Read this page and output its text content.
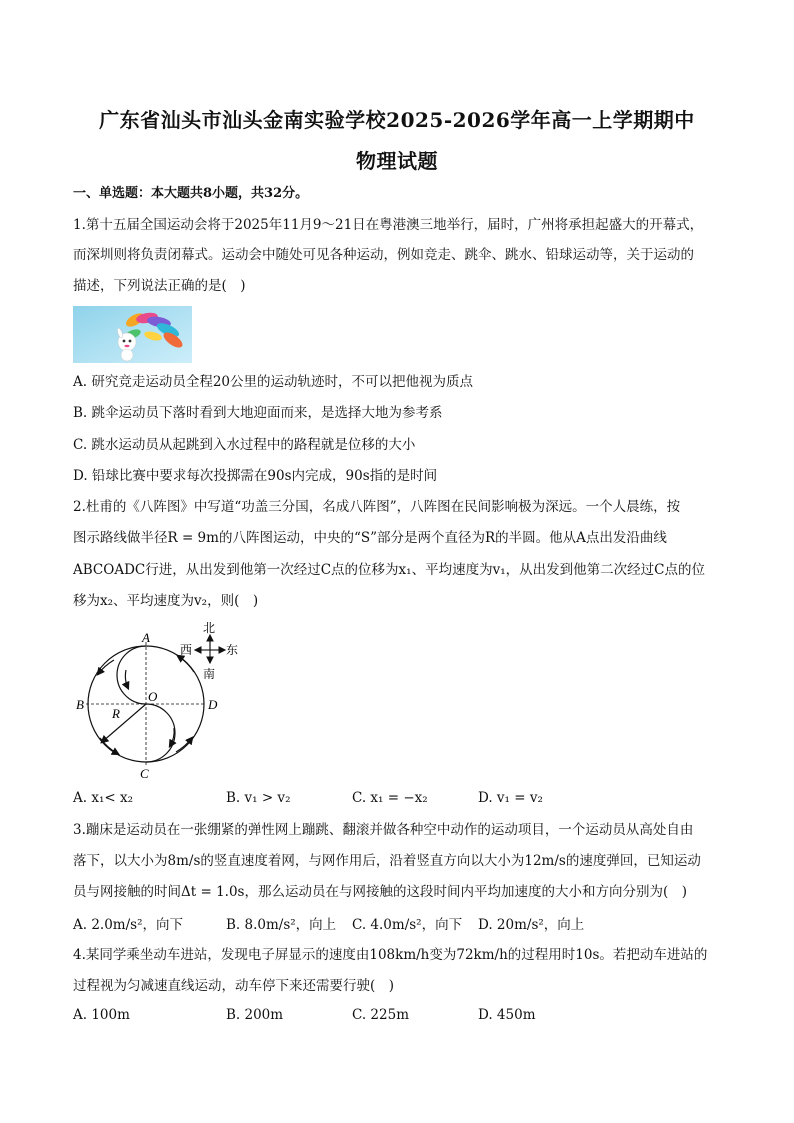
广东省汕头市汕头金南实验学校2025-2026学年高一上学期期中
物理试题
一、单选题：本大题共8小题，共32分。
1.第十五届全国运动会将于2025年11月9～21日在粤港澳三地举行，届时，广州将承担起盛大的开幕式，
而深圳则将负责闭幕式。运动会中随处可见各种运动，例如竞走、跳伞、跳水、铅球运动等，关于运动的
描述，下列说法正确的是(　)
A. 研究竞走运动员全程20公里的运动轨迹时，不可以把他视为质点
B. 跳伞运动员下落时看到大地迎面而来，是选择大地为参考系
C. 跳水运动员从起跳到入水过程中的路程就是位移的大小
D. 铅球比赛中要求每次投掷需在90s内完成，90s指的是时间
2.杜甫的《八阵图》中写道“功盖三分国，名成八阵图”，八阵图在民间影响极为深远。一个人晨练，按
图示路线做半径R = 9m的八阵图运动，中央的“S”部分是两个直径为R的半圆。他从A点出发沿曲线
ABCOADC行进，从出发到他第一次经过C点的位移为x₁、平均速度为v₁，从出发到他第二次经过C点的位
移为x₂、平均速度为v₂，则(　)
A
B
C
D
O
R
北
南
东
西
A. x₁< x₂	B. v₁ > v₂	C. x₁ = −x₂	D. v₁ = v₂
3.蹦床是运动员在一张绷紧的弹性网上蹦跳、翻滚并做各种空中动作的运动项目，一个运动员从高处自由
落下，以大小为8m/s的竖直速度着网，与网作用后，沿着竖直方向以大小为12m/s的速度弹回，已知运动
员与网接触的时间Δt = 1.0s，那么运动员在与网接触的这段时间内平均加速度的大小和方向分别为(　)
A. 2.0m/s²，向下	B. 8.0m/s²，向上 C. 4.0m/s²，向下 D. 20m/s²，向上
4.某同学乘坐动车进站，发现电子屏显示的速度由108km/h变为72km/h的过程用时10s。若把动车进站的
过程视为匀减速直线运动，动车停下来还需要行驶(　)
A. 100m	B. 200m	C. 225m	D. 450m
